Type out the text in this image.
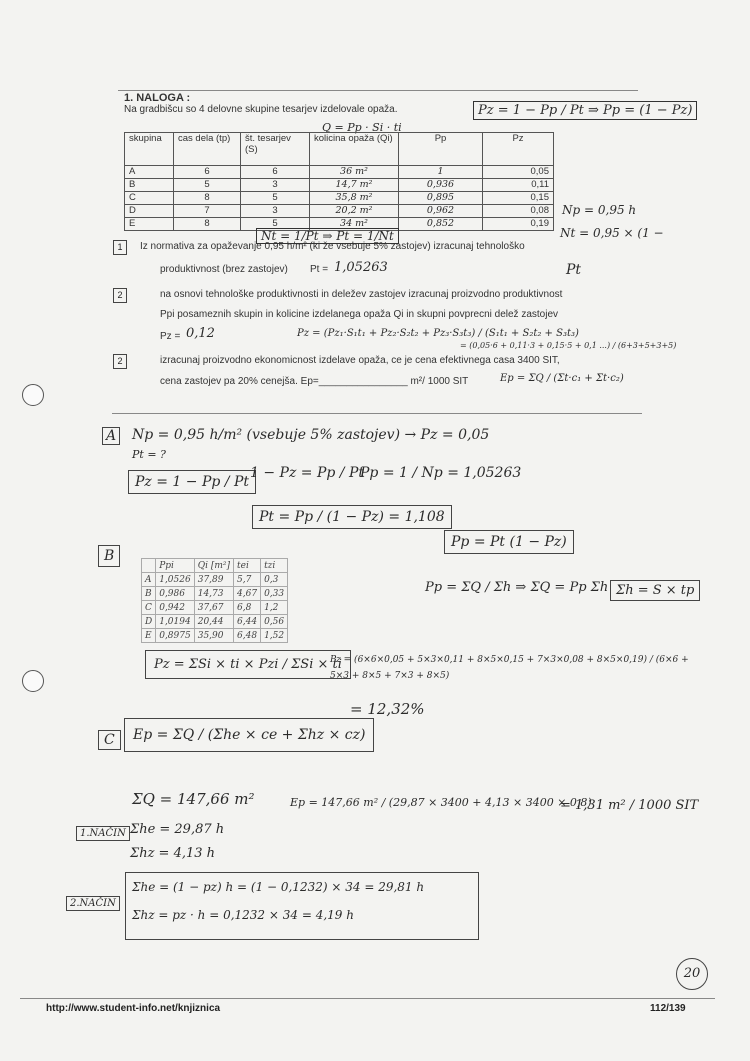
1. NALOGA :
Na gradbišcu so 4 delovne skupine tesarjev izdelovale opaža.	Pz = 1 − Pp / Pt ⇒ Pp = (1 − Pz)
Q = Pp · Si · ti
skupina	cas dela (tp)	št. tesarjev (S)	kolicina opaža (Qi)	Pp	Pz
A	6	6	36 m²	1	0,05
B	5	3	14,7 m²	0,936	0,11
C	8	5	35,8 m²	0,895	0,15
D	7	3	20,2 m²	0,962	0,08
E	8	5	34 m²	0,852	0,19
Np = 0,95 h
Nt = 0,95 × (1 −
Pt
Nt = 1/Pt ⇒ Pt = 1/Nt
1	Iz normativa za opaževanje 0,95 h/m² (ki že vsebuje 5% zastojev) izracunaj tehnološko
produktivnost (brez zastojev) Pt = 1,05263
2	na osnovi tehnološke produktivnosti in deležev zastojev izracunaj proizvodno produktivnost
Ppi posameznih skupin in kolicine izdelanega opaža Qi in skupni povprecni delež zastojev
Pz = 0,12	Pz = (Pz₁·S₁t₁ + Pz₂·S₂t₂ + Pz₃·S₃t₃) / (S₁t₁ + S₂t₂ + S₃t₃)
= (0,05·6 + 0,11·3 + 0,15·5 + 0,1 ...) / (6+3+5+3+5)
2	izracunaj proizvodno ekonomicnost izdelave opaža, ce je cena efektivnega casa 3400 SIT,
cena zastojev pa 20% cenejša. Ep=________________ m²/ 1000 SIT	Ep = ΣQ / (Σt·c₁ + Σt·c₂)
A Np = 0,95 h/m² (vsebuje 5% zastojev) → Pz = 0,05
Pt = ?
Pz = 1 − Pp / Pt
1 − Pz = Pp / Pt
Pp = 1 / Np = 1,05263
Pt = Pp / (1 − Pz) = 1,108
B
Pp = Pt (1 − Pz)
Pp = ΣQ / Σh ⇒ ΣQ = Pp Σh Σh = S × tp
	Ppi	Qi [m²]	tei	tzi
A	1,0526	37,89	5,7	0,3
B	0,986	14,73	4,67	0,33
C	0,942	37,67	6,8	1,2
D	1,0194	20,44	6,44	0,56
E	0,8975	35,90	6,48	1,52
Pz = ΣSi × ti × Pzi / ΣSi × ti
Pz = (6×6×0,05 + 5×3×0,11 + 8×5×0,15 + 7×3×0,08 + 8×5×0,19) / (6×6 + 5×3 + 8×5 + 7×3 + 8×5)
= 12,32%
C	Ep = ΣQ / (Σhe × ce + Σhz × cz)
ΣQ = 147,66 m²	Ep = 147,66 m² / (29,87 × 3400 + 4,13 × 3400 × 0,8)
= 1,31 m² / 1000 SIT
1.NAČIN Σhe = 29,87 h
Σhz = 4,13 h
2.NAČIN
Σhe = (1 − pz) h = (1 − 0,1232) × 34 = 29,81 h
Σhz = pz · h = 0,1232 × 34 = 4,19 h
20
http://www.student-info.net/knjiznica	112/139
